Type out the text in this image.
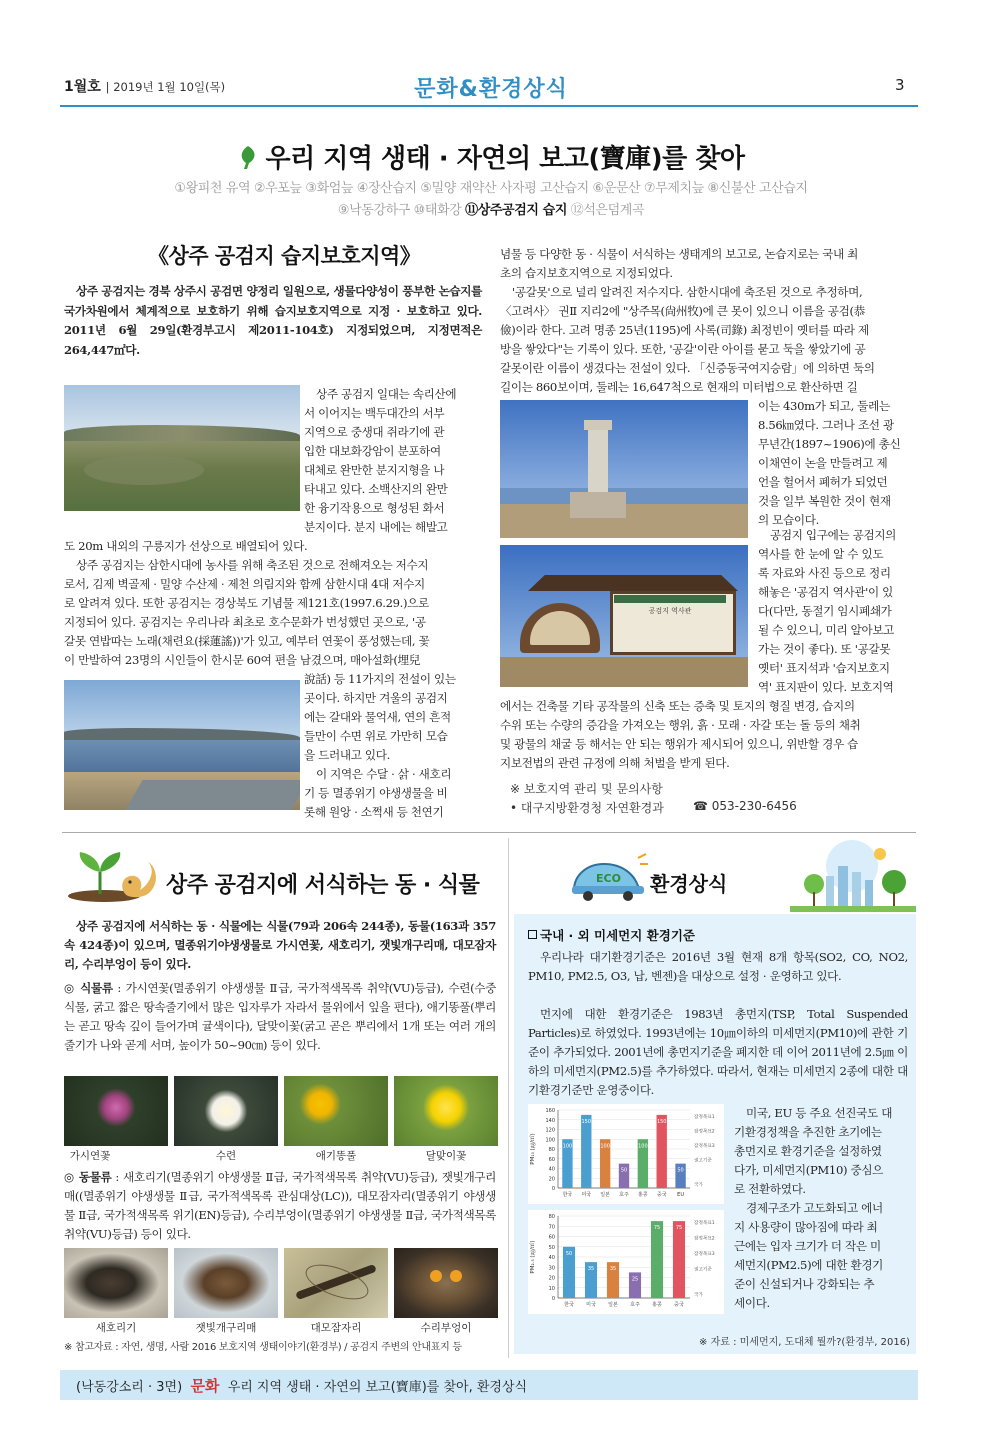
1월호 | 2019년 1월 10일(목)	문화&환경상식	3
우리 지역 생태 · 자연의 보고(寶庫)를 찾아
①왕피천 유역 ②우포늪 ③화엄늪 ④장산습지 ⑤밀양 재약산 사자평 고산습지 ⑥운문산 ⑦무제치늪 ⑧신불산 고산습지
⑨낙동강하구 ⑩태화강 ⑪상주공검지 습지 ⑫석은덤계곡
《상주 공검지 습지보호지역》
상주 공검지는 경북 상주시 공검면 양정리 일원으로, 생물다양성이 풍부한 논습지를 국가차원에서 체계적으로 보호하기 위해 습지보호지역으로 지정 · 보호하고 있다. 2011년 6월 29일(환경부고시 제2011-104호) 지정되었으며, 지정면적은 264,447㎡다.

상주 공검지 일대는 속리산에

서 이어지는 백두대간의 서부

지역으로 중생대 쥐라기에 관

입한 대보화강암이 분포하여

대체로 완만한 분지지형을 나

타내고 있다. 소백산지의 완만

한 융기작용으로 형성된 화서

분지이다. 분지 내에는 해발고

도 20m 내외의 구릉지가 선상으로 배열되어 있다.

상주 공검지는 삼한시대에 농사를 위해 축조된 것으로 전해져오는 저수지

로서, 김제 벽골제 · 밀양 수산제 · 제천 의림지와 함께 삼한시대 4대 저수지

로 알려져 있다. 또한 공검지는 경상북도 기념물 제121호(1997.6.29.)으로

지정되어 있다. 공검지는 우리나라 최초로 호수문화가 번성했던 곳으로, '공

갈못 연밥따는 노래(채련요(採蓮謠))'가 있고, 예부터 연꽃이 풍성했는데, 꽃

이 만발하여 23명의 시인들이 한시문 60여 편을 남겼으며, 매아설화(埋兒

說話) 등 11가지의 전설이 있는

곳이다. 하지만 겨울의 공검지

에는 갈대와 물억새, 연의 흔적

들만이 수면 위로 가만히 모습

을 드러내고 있다.

이 지역은 수달 · 삵 · 새호리

기 등 멸종위기 야생생물을 비

롯해 원앙 · 소쩍새 등 천연기

념물 등 다양한 동 · 식물이 서식하는 생태계의 보고로, 논습지로는 국내 최

초의 습지보호지역으로 지정되었다.

'공갈못'으로 널리 알려진 저수지다. 삼한시대에 축조된 것으로 추정하며,

〈고려사〉 권Ⅱ 지리2에 "상주목(尙州牧)에 큰 못이 있으니 이름을 공검(恭

儉)이라 한다. 고려 명종 25년(1195)에 사록(司錄) 최정빈이 옛터를 따라 제

방을 쌓았다"는 기록이 있다. 또한, '공갈'이란 아이를 묻고 둑을 쌓았기에 공

갈못이란 이름이 생겼다는 전설이 있다. 「신증동국여지승람」에 의하면 둑의

길이는 860보이며, 둘레는 16,647척으로 현재의 미터법으로 환산하면 길

이는 430m가 되고, 둘레는

8.56㎞였다. 그러나 조선 광

무년간(1897~1906)에 총신

이채연이 논을 만들려고 제

언을 헐어서 폐허가 되었던

것을 일부 복원한 것이 현재

의 모습이다.

공검지 역사관

공검지 입구에는 공검지의

역사를 한 눈에 알 수 있도

록 자료와 사진 등으로 정리

해놓은 '공검지 역사관'이 있

다(다만, 동절기 임시폐쇄가

될 수 있으니, 미리 알아보고

가는 것이 좋다). 또 '공갈못

옛터' 표지석과 '습지보호지

역' 표지판이 있다. 보호지역

에서는 건축물 기타 공작물의 신축 또는 증축 및 토지의 형질 변경, 습지의

수위 또는 수량의 증감을 가져오는 행위, 흙 · 모래 · 자갈 또는 돌 등의 채취

및 광물의 채굴 등 해서는 안 되는 행위가 제시되어 있으니, 위반할 경우 습

지보전법의 관련 규정에 의해 처벌을 받게 된다.

※ 보호지역 관리 및 문의사항
• 대구지방환경청 자연환경과 ☎ 053-230-6456
상주 공검지에 서식하는 동 · 식물
상주 공검지에 서식하는 동 · 식물에는 식물(79과 206속 244종), 동물(163과 357속 424종)이 있으며, 멸종위기야생생물로 가시연꽃, 새호리기, 잿빛개구리매, 대모잠자리, 수리부엉이 등이 있다.
◎ 식물류 : 가시연꽃(멸종위기 야생생물 Ⅱ급, 국가적색목록 취약(VU)등급), 수련(수중 식물, 굵고 짧은 땅속줄기에서 많은 입자루가 자라서 물위에서 잎을 편다), 애기똥풀(뿌리는 곧고 땅속 깊이 들어가며 귤색이다), 달맞이꽃(굵고 곧은 뿌리에서 1개 또는 여러 개의 줄기가 나와 곧게 서며, 높이가 50~90㎝) 등이 있다.
가시연꽃	수련	애기똥풀	달맞이꽃
◎ 동물류 : 새호리기(멸종위기 야생생물 Ⅱ급, 국가적색목록 취약(VU)등급), 잿빛개구리매((멸종위기 야생생물 Ⅱ급, 국가적색목록 관심대상(LC)), 대모잠자리(멸종위기 야생생물 Ⅱ급, 국가적색목록 위기(EN)등급), 수리부엉이(멸종위기 야생생물 Ⅱ급, 국가적색목록 취약(VU)등급) 등이 있다.
새호리기	잿빛개구리매	대모잠자리	수리부엉이
※ 참고자료 : 자연, 생명, 사람 2016 보호지역 생태이야기(환경부) / 공검지 주변의 안내표지 등
ECO 환경상식
국내 · 외 미세먼지 환경기준
우리나라 대기환경기준은 2016년 3월 현재 8개 항목(SO2, CO, NO2, PM10, PM2.5, O3, 납, 벤젠)을 대상으로 설정 · 운영하고 있다.
먼지에 대한 환경기준은 1983년 총먼지(TSP, Total Suspended Particles)로 하였었다. 1993년에는 10㎛이하의 미세먼지(PM10)에 관한 기준이 추가되었다. 2001년에 총먼지기준을 폐지한 데 이어 2011년에 2.5㎛ 이하의 미세먼지(PM2.5)를 추가하였다. 따라서, 현재는 미세먼지 2종에 대한 대기환경기준만 운영중이다.
PM₁₀ (㎍/㎥)
0
20
40
60
80
100
120
140
160
100
한국
150
미국
100
일본
50
호주
100
홍콩
150
중국
50
EU
잠정목표1
잠정목표2
잠정목표3
권고기준
국가
PM₂.₅ (㎍/㎥)
0
10
20
30
40
50
60
70
80
50
한국
35
미국
35
일본
25
호주
75
홍콩
75
중국
잠정목표1
잠정목표2
잠정목표3
권고기준
국가

미국, EU 등 주요 선진국도 대

기환경정책을 추진한 초기에는

총먼지로 환경기준을 설정하였

다가, 미세먼지(PM10) 중심으

로 전환하였다.

경제구조가 고도화되고 에너

지 사용량이 많아짐에 따라 최

근에는 입자 크기가 더 작은 미

세먼지(PM2.5)에 대한 환경기

준이 신설되거나 강화되는 추

세이다.

※ 자료 : 미세먼지, 도대체 뭘까?(환경부, 2016)
(낙동강소리 · 3면) 문화 우리 지역 생태 · 자연의 보고(寶庫)를 찾아, 환경상식
